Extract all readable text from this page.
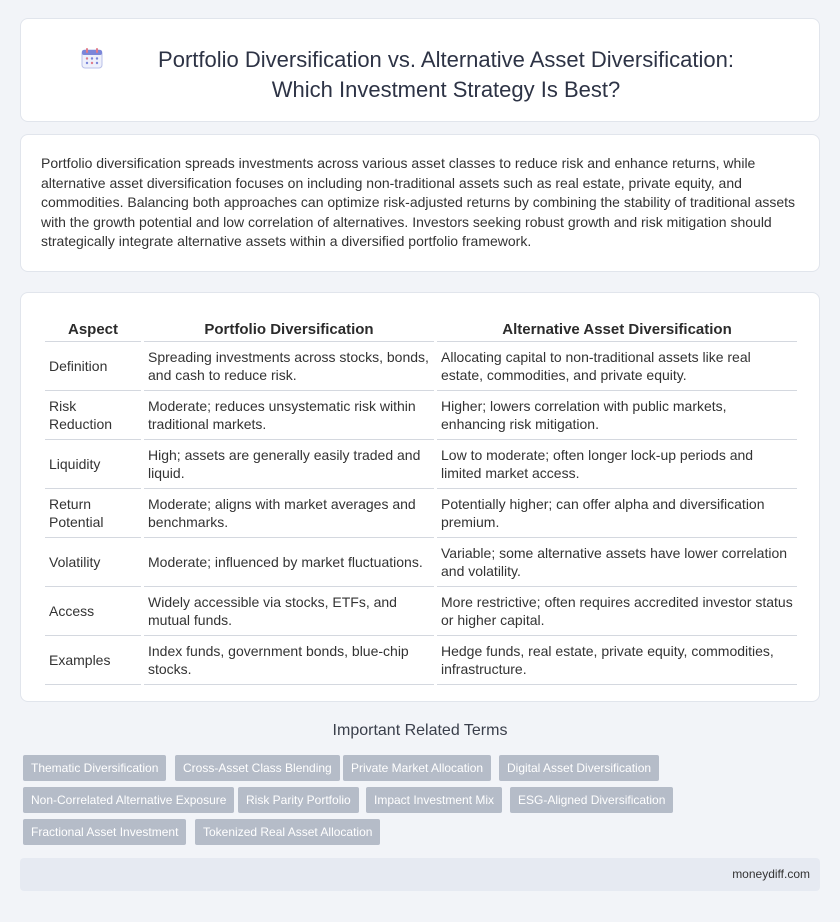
Portfolio Diversification vs. Alternative Asset Diversification:
Which Investment Strategy Is Best?

Portfolio diversification spreads investments across various asset classes to reduce risk and enhance returns, while alternative asset diversification focuses on including non-traditional assets such as real estate, private equity, and commodities. Balancing both approaches can optimize risk-adjusted returns by combining the stability of traditional assets with the growth potential and low correlation of alternatives. Investors seeking robust growth and risk mitigation should strategically integrate alternative assets within a diversified portfolio framework.

Aspect	Portfolio Diversification	Alternative Asset Diversification
Definition	Spreading investments across stocks, bonds, and cash to reduce risk.	Allocating capital to non-traditional assets like real estate, commodities, and private equity.
Risk Reduction	Moderate; reduces unsystematic risk within traditional markets.	Higher; lowers correlation with public markets, enhancing risk mitigation.
Liquidity	High; assets are generally easily traded and liquid.	Low to moderate; often longer lock-up periods and limited market access.
Return Potential	Moderate; aligns with market averages and benchmarks.	Potentially higher; can offer alpha and diversification premium.
Volatility	Moderate; influenced by market fluctuations.	Variable; some alternative assets have lower correlation and volatility.
Access	Widely accessible via stocks, ETFs, and mutual funds.	More restrictive; often requires accredited investor status or higher capital.
Examples	Index funds, government bonds, blue-chip stocks.	Hedge funds, real estate, private equity, commodities, infrastructure.
Important Related Terms
Thematic Diversification	Cross-Asset Class Blending	Private Market Allocation	Digital Asset Diversification
Non-Correlated Alternative Exposure	Risk Parity Portfolio	Impact Investment Mix	ESG-Aligned Diversification
Fractional Asset Investment	Tokenized Real Asset Allocation
moneydiff.com
